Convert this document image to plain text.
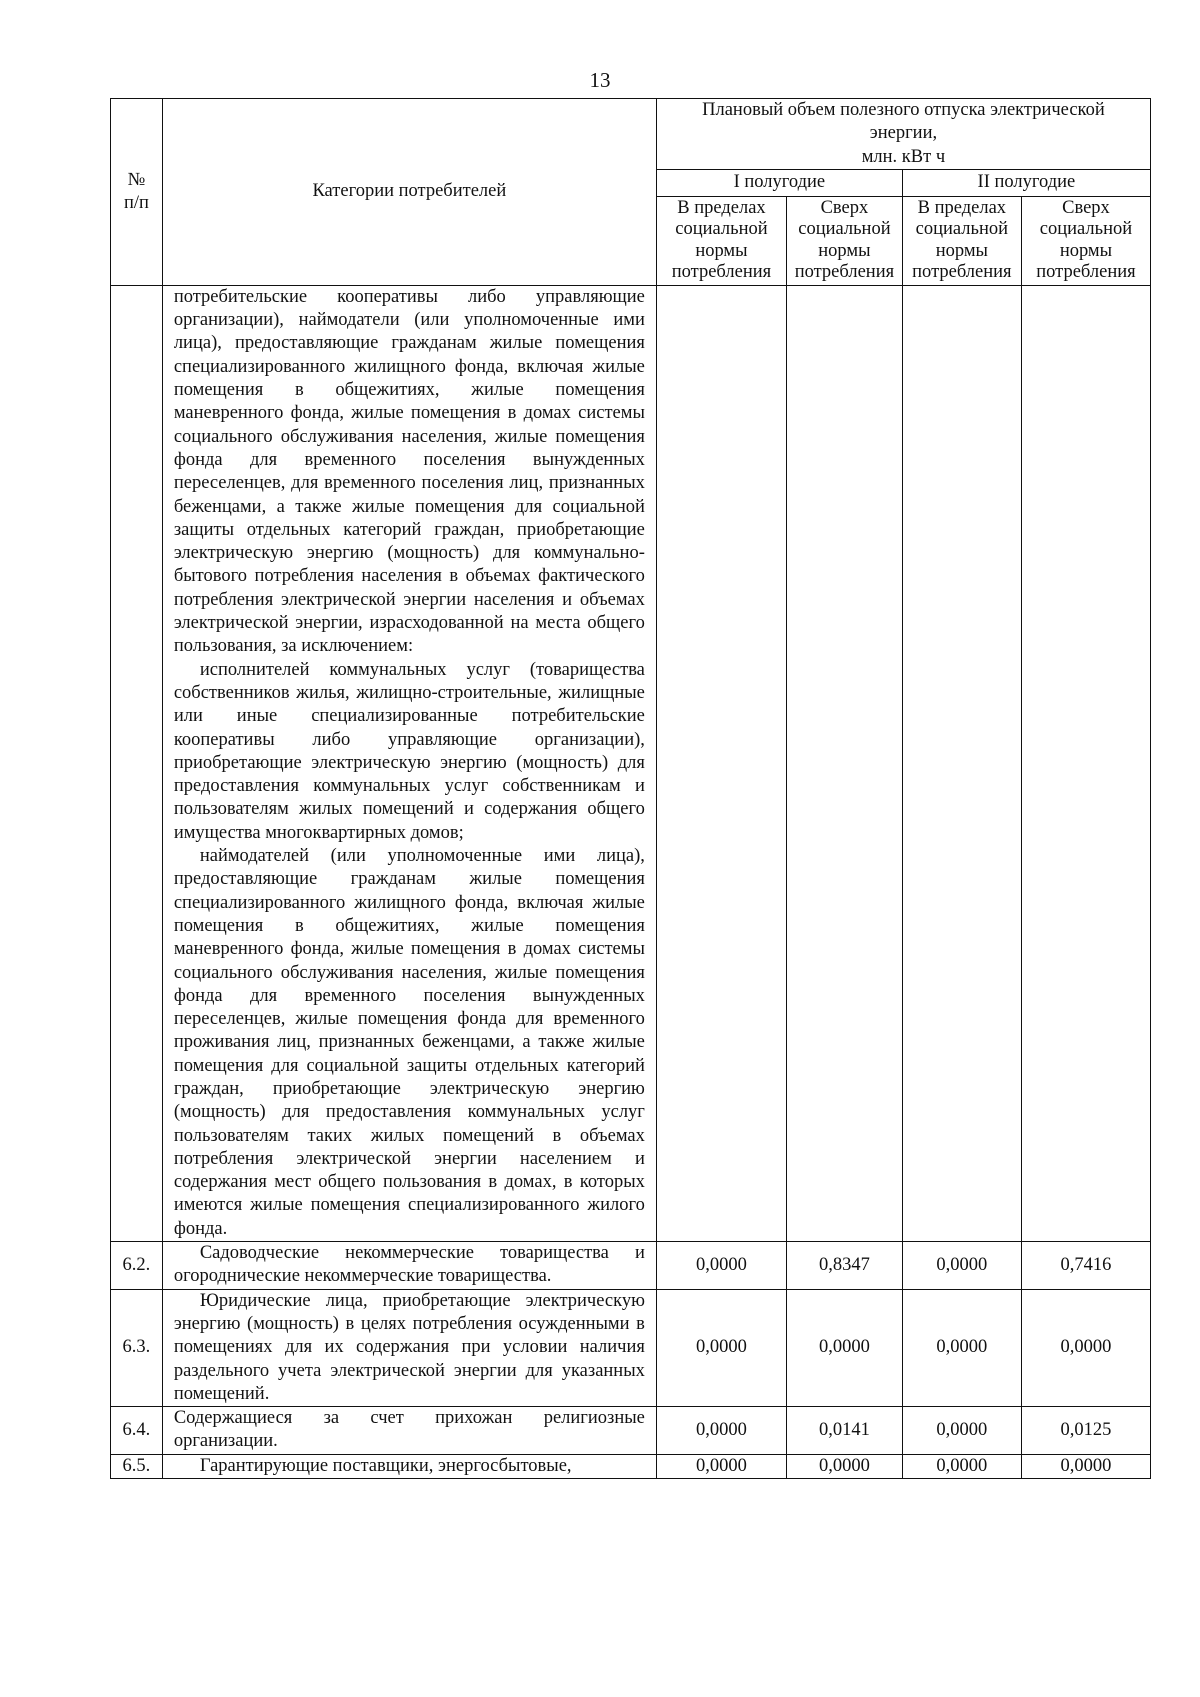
13
№
п/п	Категории потребителей	Плановый объем полезного отпуска электрической энергии,
млн. кВт ч			
		I полугодие		II полугодие	
		В пределах социальной нормы потребления	Сверх социальной нормы потребления	В пределах социальной нормы потребления	Сверх социальной нормы потребления

	потребительские кооперативы либо управляющие организации), наймодатели (или уполномоченные ими лица), предоставляющие гражданам жилые помещения специализированного жилищного фонда, включая жилые помещения в общежитиях, жилые помещения маневренного фонда, жилые помещения в домах системы социального обслуживания населения, жилые помещения фонда для временного поселения вынужденных переселенцев, для временного поселения лиц, признанных беженцами, а также жилые помещения для социальной защиты отдельных категорий граждан, приобретающие электрическую энергию (мощность) для коммунально-бытового потребления населения в объемах фактического потребления электрической энергии населения и объемах электрической энергии, израсходованной на места общего пользования, за исключением:

исполнителей коммунальных услуг (товарищества собственников жилья, жилищно-строительные, жилищные или иные специализированные потребительские кооперативы либо управляющие организации), приобретающие электрическую энергию (мощность) для предоставления коммунальных услуг собственникам и пользователям жилых помещений и содержания общего имущества многоквартирных домов;

наймодателей (или уполномоченные ими лица), предоставляющие гражданам жилые помещения специализированного жилищного фонда, включая жилые помещения в общежитиях, жилые помещения маневренного фонда, жилые помещения в домах системы социального обслуживания населения, жилые помещения фонда для временного поселения вынужденных переселенцев, жилые помещения фонда для временного проживания лиц, признанных беженцами, а также жилые помещения для социальной защиты отдельных категорий граждан, приобретающие электрическую энергию (мощность) для предоставления коммунальных услуг пользователям таких жилых помещений в объемах потребления электрической энергии населением и содержания мест общего пользования в домах, в которых имеются жилые помещения специализированного жилого фонда.				

6.2.	Садоводческие некоммерческие товарищества и огороднические некоммерческие товарищества.	0,0000	0,8347	0,0000	0,7416
6.3.	Юридические лица, приобретающие электрическую энергию (мощность) в целях потребления осужденными в помещениях для их содержания при условии наличия раздельного учета электрической энергии для указанных помещений.	0,0000	0,0000	0,0000	0,0000
6.4.	Содержащиеся за счет прихожан религиозные организации.	0,0000	0,0141	0,0000	0,0125
6.5.	Гарантирующие поставщики, энергосбытовые,	0,0000	0,0000	0,0000	0,0000
